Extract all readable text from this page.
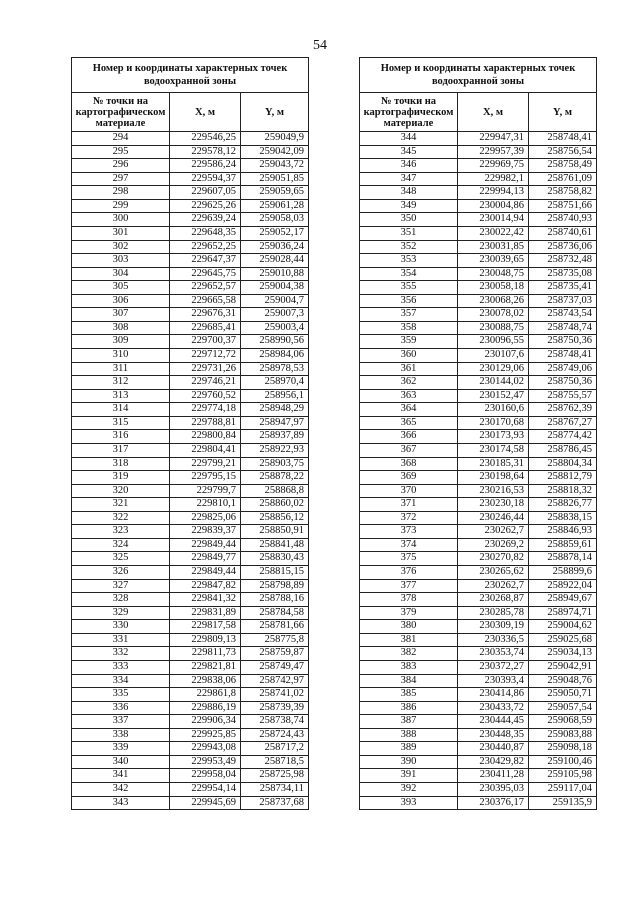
54
Номер и координаты характерных точек водоохранной зоны		
№ точки на картографическом материале	X, м	Y, м
294	229546,25	259049,9
295	229578,12	259042,09
296	229586,24	259043,72
297	229594,37	259051,85
298	229607,05	259059,65
299	229625,26	259061,28
300	229639,24	259058,03
301	229648,35	259052,17
302	229652,25	259036,24
303	229647,37	259028,44
304	229645,75	259010,88
305	229652,57	259004,38
306	229665,58	259004,7
307	229676,31	259007,3
308	229685,41	259003,4
309	229700,37	258990,56
310	229712,72	258984,06
311	229731,26	258978,53
312	229746,21	258970,4
313	229760,52	258956,1
314	229774,18	258948,29
315	229788,81	258947,97
316	229800,84	258937,89
317	229804,41	258922,93
318	229799,21	258903,75
319	229795,15	258878,22
320	229799,7	258868,8
321	229810,1	258860,02
322	229825,06	258856,12
323	229839,37	258850,91
324	229849,44	258841,48
325	229849,77	258830,43
326	229849,44	258815,15
327	229847,82	258798,89
328	229841,32	258788,16
329	229831,89	258784,58
330	229817,58	258781,66
331	229809,13	258775,8
332	229811,73	258759,87
333	229821,81	258749,47
334	229838,06	258742,97
335	229861,8	258741,02
336	229886,19	258739,39
337	229906,34	258738,74
338	229925,85	258724,43
339	229943,08	258717,2
340	229953,49	258718,5
341	229958,04	258725,98
342	229954,14	258734,11
343	229945,69	258737,68
Номер и координаты характерных точек водоохранной зоны		
№ точки на картографическом материале	X, м	Y, м
344	229947,31	258748,41
345	229957,39	258756,54
346	229969,75	258758,49
347	229982,1	258761,09
348	229994,13	258758,82
349	230004,86	258751,66
350	230014,94	258740,93
351	230022,42	258740,61
352	230031,85	258736,06
353	230039,65	258732,48
354	230048,75	258735,08
355	230058,18	258735,41
356	230068,26	258737,03
357	230078,02	258743,54
358	230088,75	258748,74
359	230096,55	258750,36
360	230107,6	258748,41
361	230129,06	258749,06
362	230144,02	258750,36
363	230152,47	258755,57
364	230160,6	258762,39
365	230170,68	258767,27
366	230173,93	258774,42
367	230174,58	258786,45
368	230185,31	258804,34
369	230198,64	258812,79
370	230216,53	258818,32
371	230230,18	258826,77
372	230246,44	258838,15
373	230262,7	258846,93
374	230269,2	258859,61
375	230270,82	258878,14
376	230265,62	258899,6
377	230262,7	258922,04
378	230268,87	258949,67
379	230285,78	258974,71
380	230309,19	259004,62
381	230336,5	259025,68
382	230353,74	259034,13
383	230372,27	259042,91
384	230393,4	259048,76
385	230414,86	259050,71
386	230433,72	259057,54
387	230444,45	259068,59
388	230448,35	259083,88
389	230440,87	259098,18
390	230429,82	259100,46
391	230411,28	259105,98
392	230395,03	259117,04
393	230376,17	259135,9
